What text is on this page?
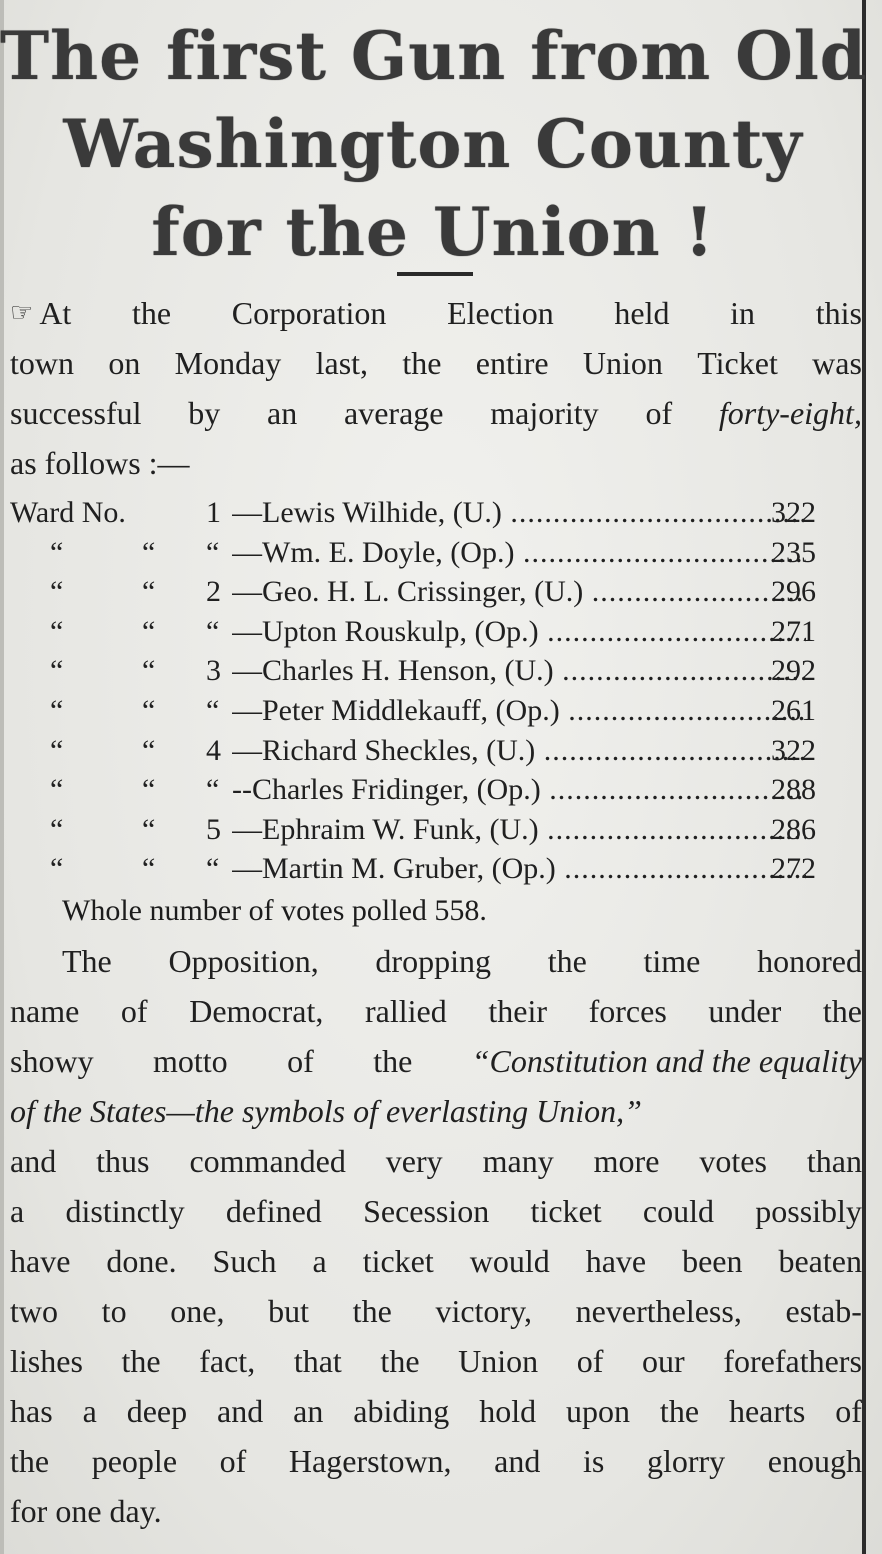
The first Gun from Old
Washington County
for the Union !
☞ At the Corporation Election held in this
town on Monday last, the entire Union Ticket was
successful by an average majority of forty-eight,
as follows :—
Ward No.	1 —Lewis Wilhide, (U.) .....	322
“	“ “ —Wm. E. Doyle, (Op.) .....	235
“	“ 2 —Geo. H. L. Crissinger, (U.) .....	296
“	“ “ —Upton Rouskulp, (Op.) .....	271
“	“ 3 —Charles H. Henson, (U.) .....	292
“	“ “ —Peter Middlekauff, (Op.) .....	261
“	“ 4 —Richard Sheckles, (U.) .....	322
“	“ “ --Charles Fridinger, (Op.) .....	288
“	“ 5 —Ephraim W. Funk, (U.) .....	286
“	“ “ —Martin M. Gruber, (Op.) .....	272
Whole number of votes polled 558.
The Opposition, dropping the time honored
name of Democrat, rallied their forces under the
showy motto of the “Constitution and the equality
of the States—the symbols of everlasting Union,”
and thus commanded very many more votes than
a distinctly defined Secession ticket could possibly
have done. Such a ticket would have been beaten
two to one, but the victory, nevertheless, estab-
lishes the fact, that the Union of our forefathers
has a deep and an abiding hold upon the hearts of
the people of Hagerstown, and is glorry enough
for one day.
